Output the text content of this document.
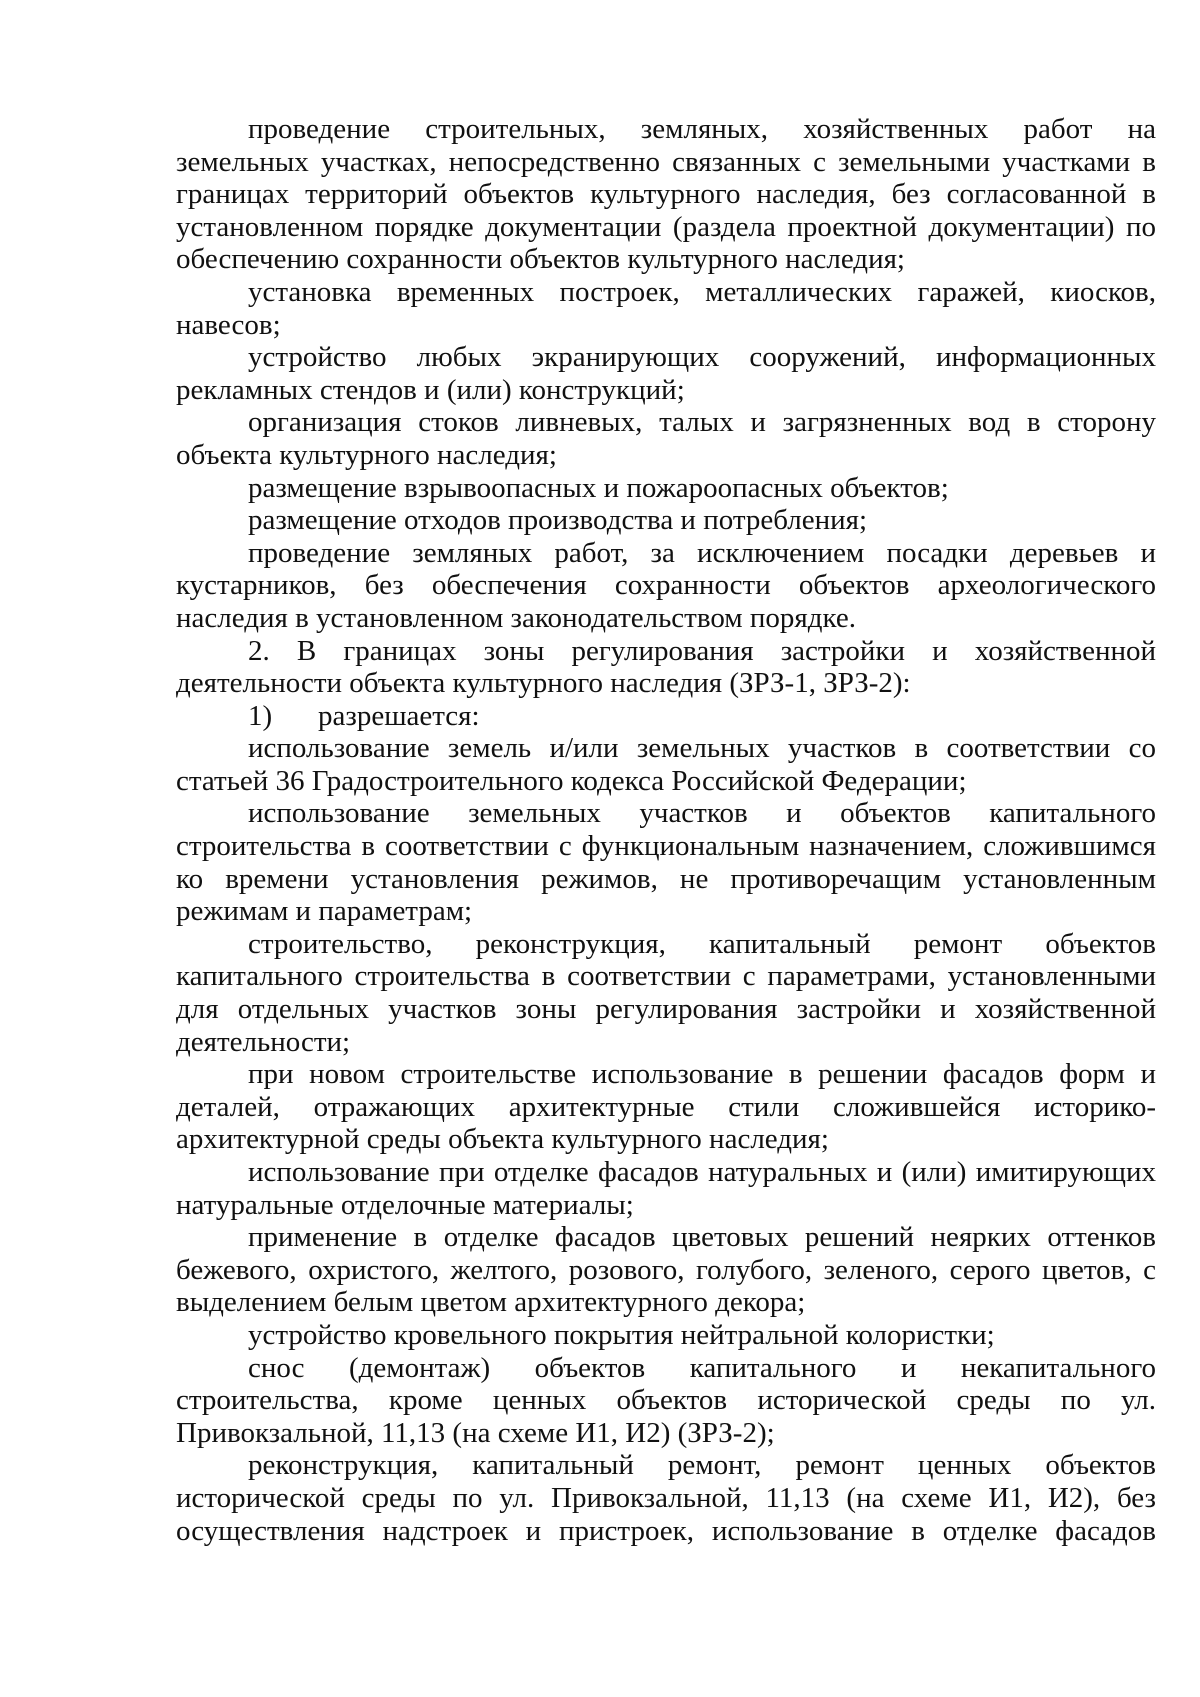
проведение строительных, земляных, хозяйственных работ на земельных участках, непосредственно связанных с земельными участками в границах территорий объектов культурного наследия, без согласованной в установленном порядке документации (раздела проектной документации) по обеспечению сохранности объектов культурного наследия;

установка временных построек, металлических гаражей, киосков, навесов;

устройство любых экранирующих сооружений, информационных рекламных стендов и (или) конструкций;

организация стоков ливневых, талых и загрязненных вод в сторону объекта культурного наследия;

размещение взрывоопасных и пожароопасных объектов;

размещение отходов производства и потребления;

проведение земляных работ, за исключением посадки деревьев и кустарников, без обеспечения сохранности объектов археологического наследия в установленном законодательством порядке.

2. В границах зоны регулирования застройки и хозяйственной деятельности объекта культурного наследия (ЗРЗ-1, ЗРЗ-2):

1) разрешается:

использование земель и/или земельных участков в соответствии со статьей 36 Градостроительного кодекса Российской Федерации;

использование земельных участков и объектов капитального строительства в соответствии с функциональным назначением, сложившимся ко времени установления режимов, не противоречащим установленным режимам и параметрам;

строительство, реконструкция, капитальный ремонт объектов капитального строительства в соответствии с параметрами, установленными для отдельных участков зоны регулирования застройки и хозяйственной деятельности;

при новом строительстве использование в решении фасадов форм и деталей, отражающих архитектурные стили сложившейся историко-архитектурной среды объекта культурного наследия;

использование при отделке фасадов натуральных и (или) имитирующих натуральные отделочные материалы;

применение в отделке фасадов цветовых решений неярких оттенков бежевого, охристого, желтого, розового, голубого, зеленого, серого цветов, с выделением белым цветом архитектурного декора;

устройство кровельного покрытия нейтральной колористки;

снос (демонтаж) объектов капитального и некапитального строительства, кроме ценных объектов исторической среды по ул. Привокзальной, 11,13 (на схеме И1, И2) (ЗРЗ-2);

реконструкция, капитальный ремонт, ремонт ценных объектов исторической среды по ул. Привокзальной, 11,13 (на схеме И1, И2), без осуществления надстроек и пристроек, использование в отделке фасадов
